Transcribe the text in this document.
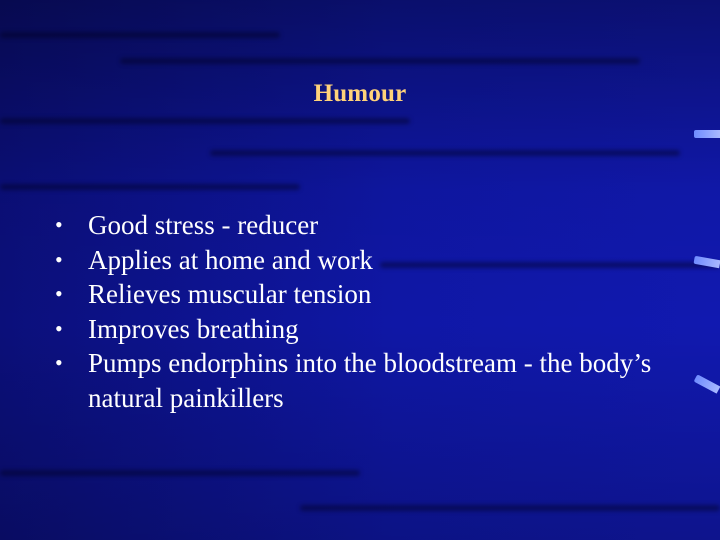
Humour
• Good stress - reducer
• Applies at home and work
• Relieves muscular tension
• Improves breathing
• Pumps endorphins into the bloodstream - the body’s natural painkillers
